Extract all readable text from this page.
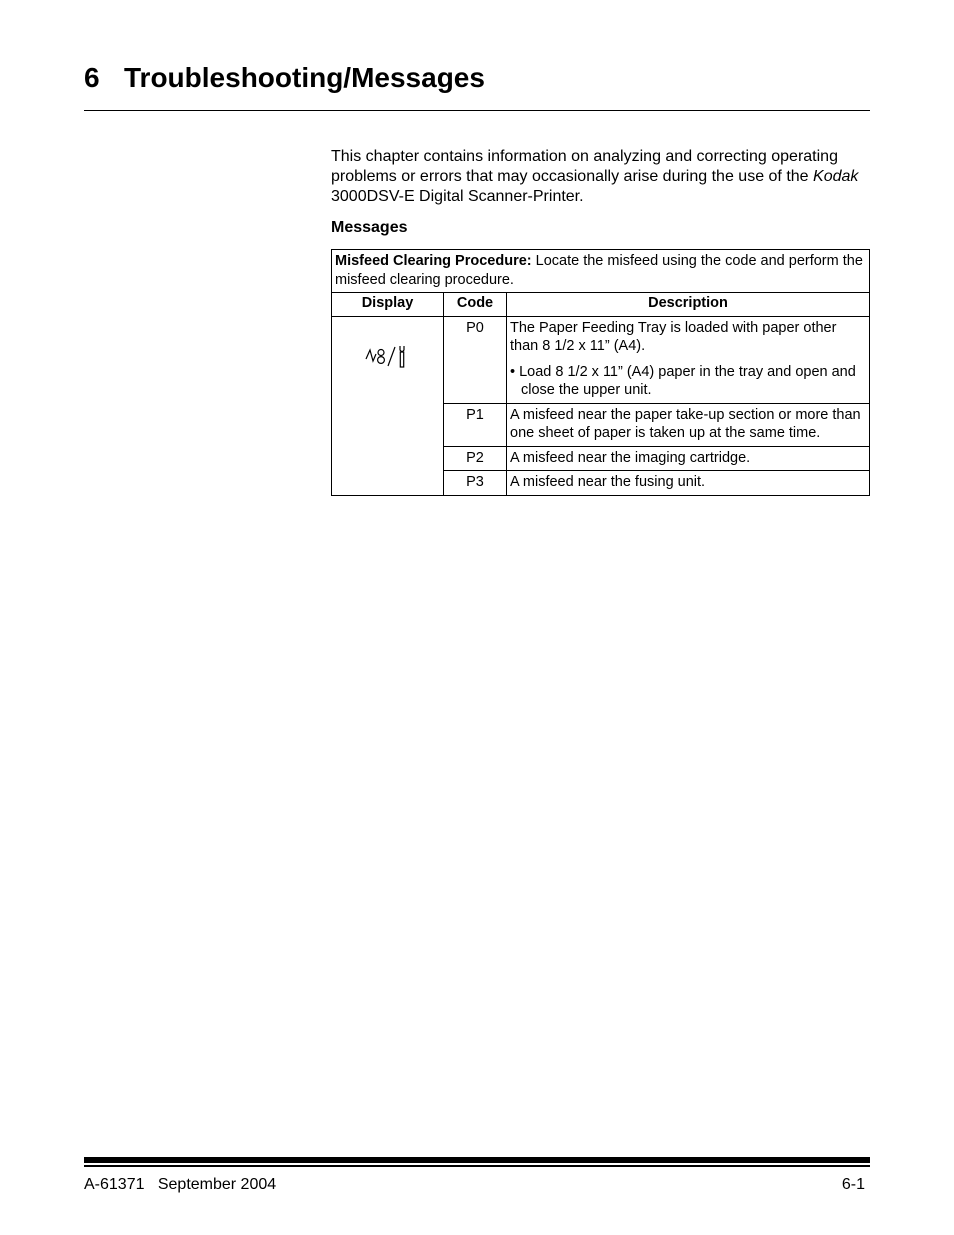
6 Troubleshooting/Messages

This chapter contains information on analyzing and correcting operating problems or errors that may occasionally arise during the use of the Kodak 3000DSV-E Digital Scanner-Printer.

Messages
Misfeed Clearing Procedure: Locate the misfeed using the code and perform the misfeed clearing procedure.		
Display	Code	Description
	P0	The Paper Feeding Tray is loaded with paper other than 8 1/2 x 11” (A4).

• Load 8 1/2 x 11” (A4) paper in the tray and open and close the upper unit.

	P1	A misfeed near the paper take-up section or more than one sheet of paper is taken up at the same time.
	P2	A misfeed near the imaging cartridge.
	P3	A misfeed near the fusing unit.
A-61371 September 2004	6-1
